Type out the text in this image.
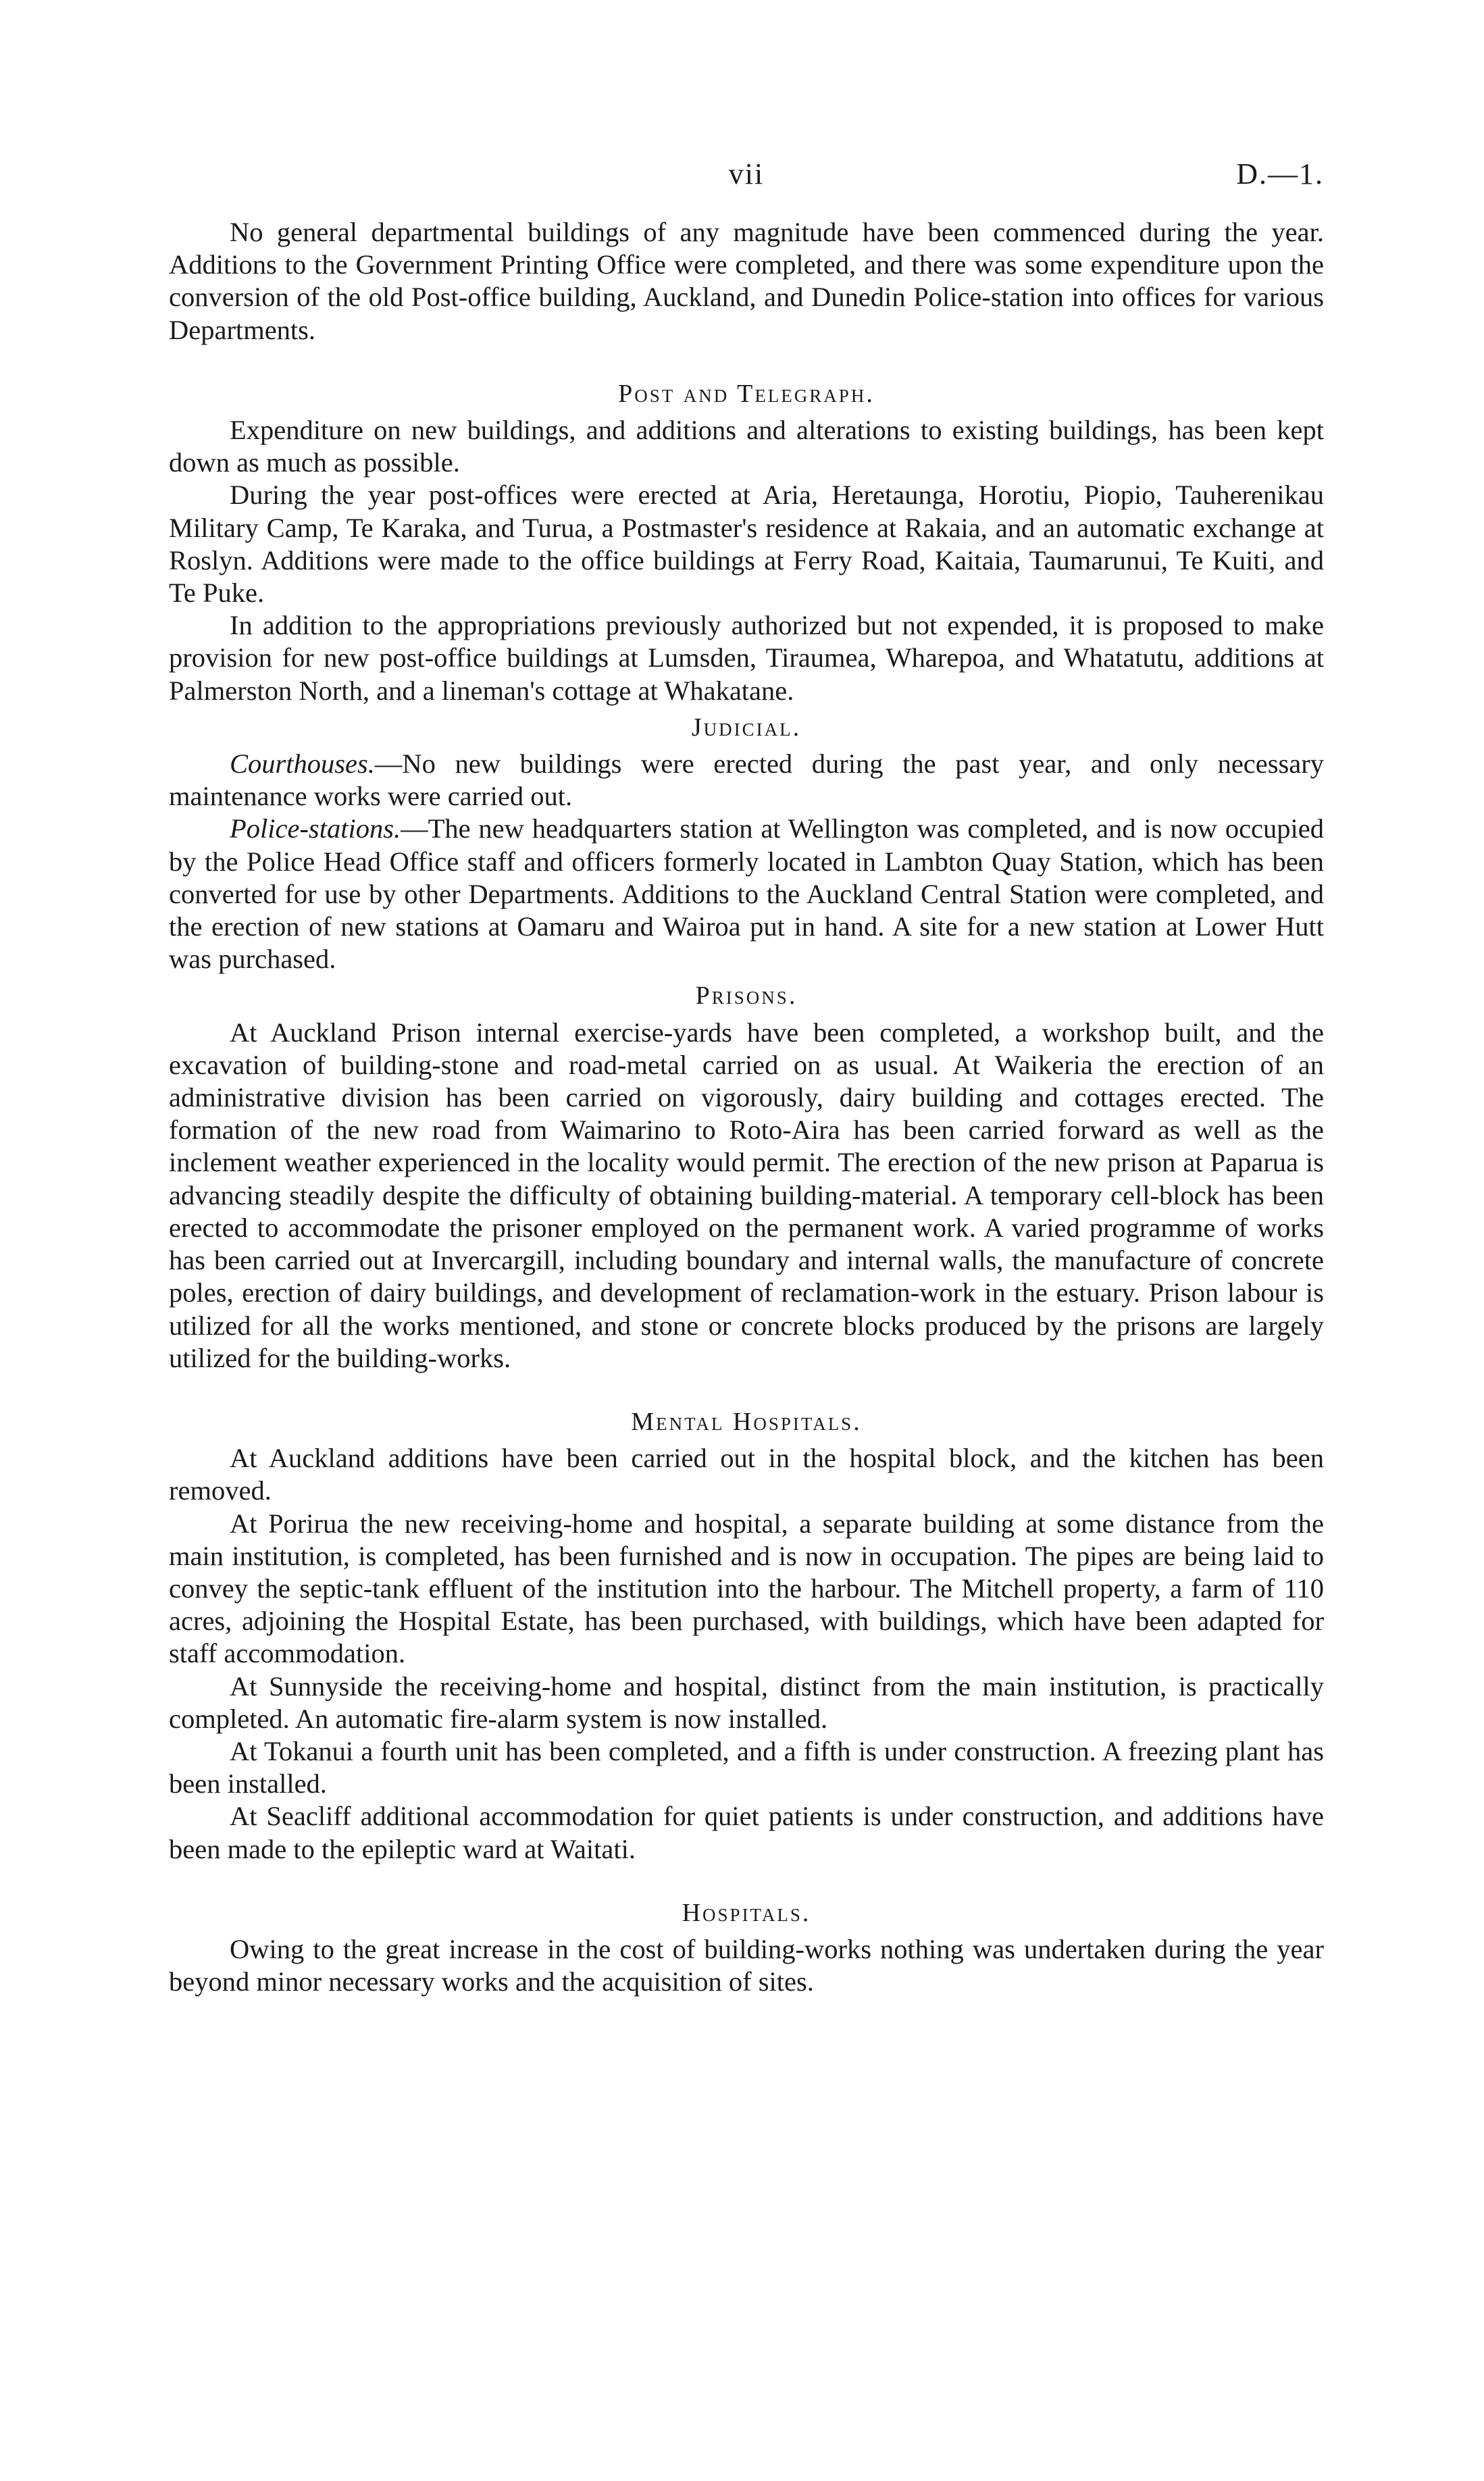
vii	D.—1.

No general departmental buildings of any magnitude have been commenced during the year. Additions to the Government Printing Office were completed, and there was some expenditure upon the conversion of the old Post-office building, Auckland, and Dunedin Police-station into offices for various Departments.

Post and Telegraph.

Expenditure on new buildings, and additions and alterations to existing buildings, has been kept down as much as possible.

During the year post-offices were erected at Aria, Heretaunga, Horotiu, Piopio, Tauherenikau Military Camp, Te Karaka, and Turua, a Postmaster's residence at Rakaia, and an automatic exchange at Roslyn. Additions were made to the office buildings at Ferry Road, Kaitaia, Taumarunui, Te Kuiti, and Te Puke.

In addition to the appropriations previously authorized but not expended, it is proposed to make provision for new post-office buildings at Lumsden, Tiraumea, Wharepoa, and Whatatutu, additions at Palmerston North, and a lineman's cottage at Whakatane.

Judicial.

Courthouses.—No new buildings were erected during the past year, and only necessary maintenance works were carried out.

Police-stations.—The new headquarters station at Wellington was completed, and is now occupied by the Police Head Office staff and officers formerly located in Lambton Quay Station, which has been converted for use by other Departments. Additions to the Auckland Central Station were completed, and the erection of new stations at Oamaru and Wairoa put in hand. A site for a new station at Lower Hutt was purchased.

Prisons.

At Auckland Prison internal exercise-yards have been completed, a workshop built, and the excavation of building-stone and road-metal carried on as usual. At Waikeria the erection of an administrative division has been carried on vigorously, dairy building and cottages erected. The formation of the new road from Waimarino to Roto-Aira has been carried forward as well as the inclement weather experienced in the locality would permit. The erection of the new prison at Paparua is advancing steadily despite the difficulty of obtaining building-material. A temporary cell-block has been erected to accommodate the prisoner employed on the permanent work. A varied programme of works has been carried out at Invercargill, including boundary and internal walls, the manufacture of concrete poles, erection of dairy buildings, and development of reclamation-work in the estuary. Prison labour is utilized for all the works mentioned, and stone or concrete blocks produced by the prisons are largely utilized for the building-works.

Mental Hospitals.

At Auckland additions have been carried out in the hospital block, and the kitchen has been removed.

At Porirua the new receiving-home and hospital, a separate building at some distance from the main institution, is completed, has been furnished and is now in occupation. The pipes are being laid to convey the septic-tank effluent of the institution into the harbour. The Mitchell property, a farm of 110 acres, adjoining the Hospital Estate, has been purchased, with buildings, which have been adapted for staff accommodation.

At Sunnyside the receiving-home and hospital, distinct from the main institution, is practically completed. An automatic fire-alarm system is now installed.

At Tokanui a fourth unit has been completed, and a fifth is under construction. A freezing plant has been installed.

At Seacliff additional accommodation for quiet patients is under construction, and additions have been made to the epileptic ward at Waitati.

Hospitals.

Owing to the great increase in the cost of building-works nothing was undertaken during the year beyond minor necessary works and the acquisition of sites.
